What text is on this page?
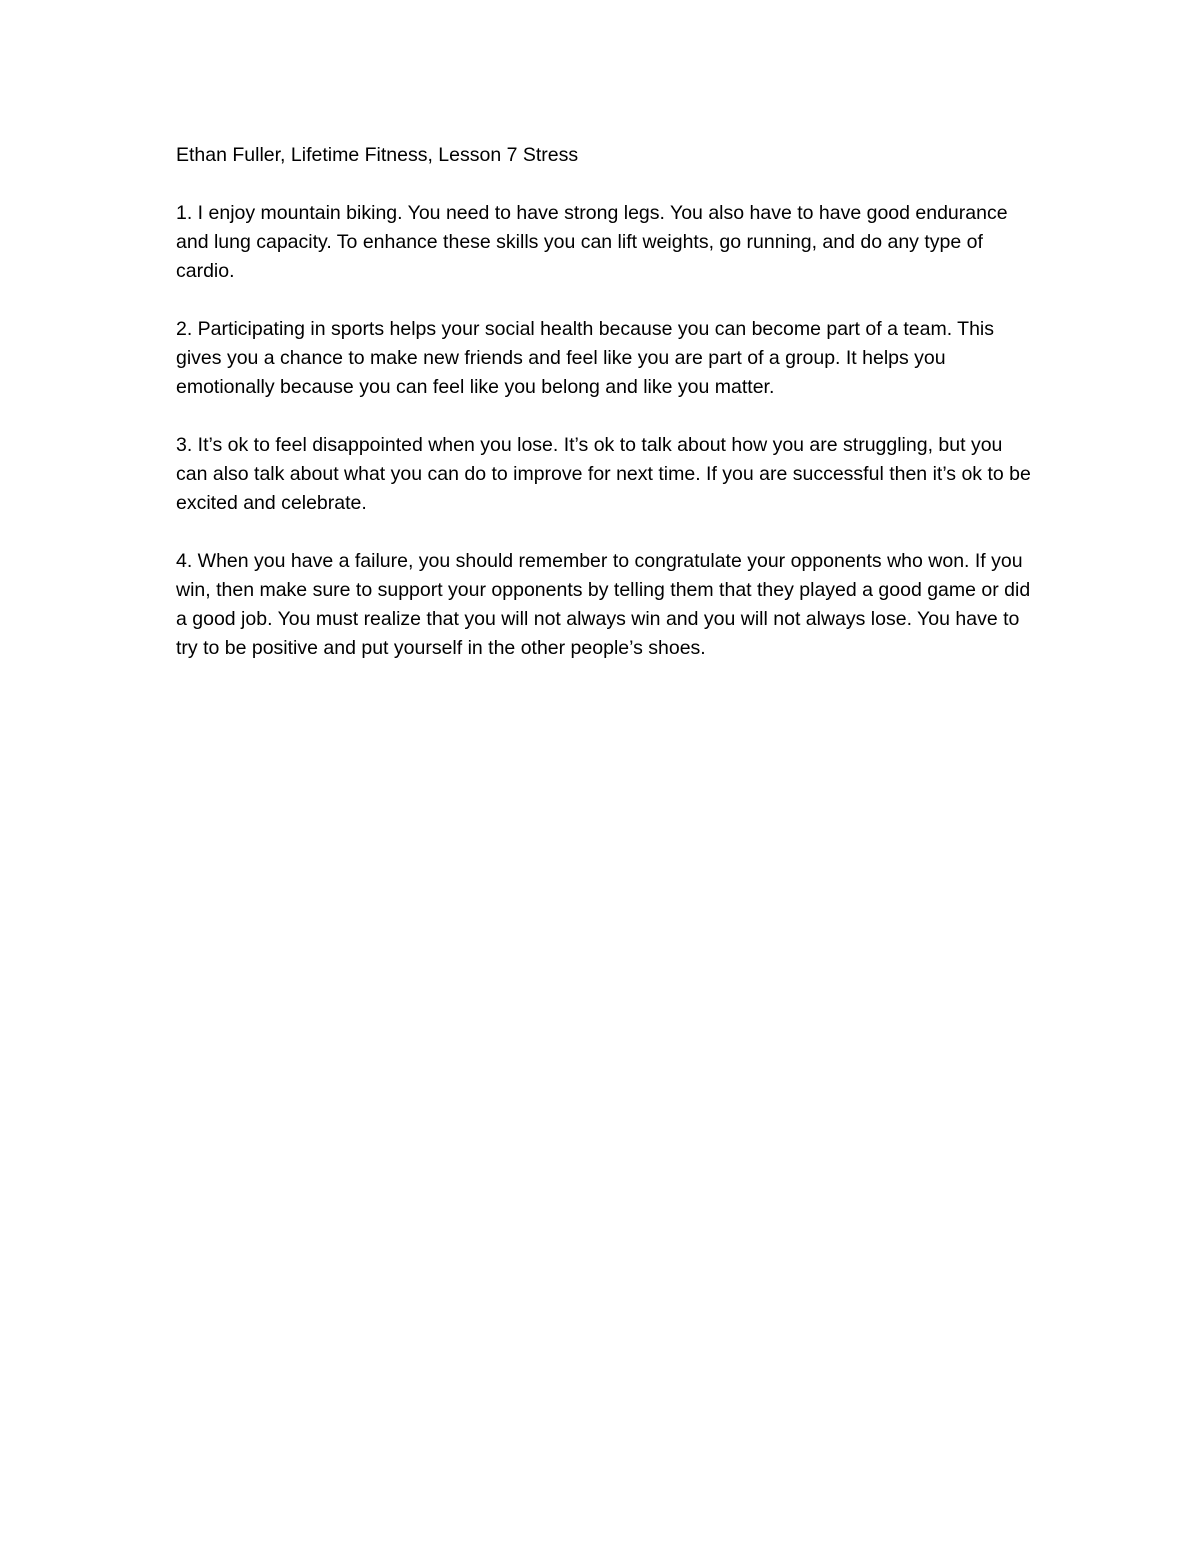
Ethan Fuller, Lifetime Fitness, Lesson 7 Stress

1. I enjoy mountain biking. You need to have strong legs. You also have to have good endurance and lung capacity. To enhance these skills you can lift weights, go running, and do any type of cardio.

2. Participating in sports helps your social health because you can become part of a team. This gives you a chance to make new friends and feel like you are part of a group. It helps you emotionally because you can feel like you belong and like you matter.

3. It’s ok to feel disappointed when you lose. It’s ok to talk about how you are struggling, but you can also talk about what you can do to improve for next time. If you are successful then it’s ok to be excited and celebrate.

4. When you have a failure, you should remember to congratulate your opponents who won. If you win, then make sure to support your opponents by telling them that they played a good game or did a good job. You must realize that you will not always win and you will not always lose. You have to try to be positive and put yourself in the other people’s shoes.
